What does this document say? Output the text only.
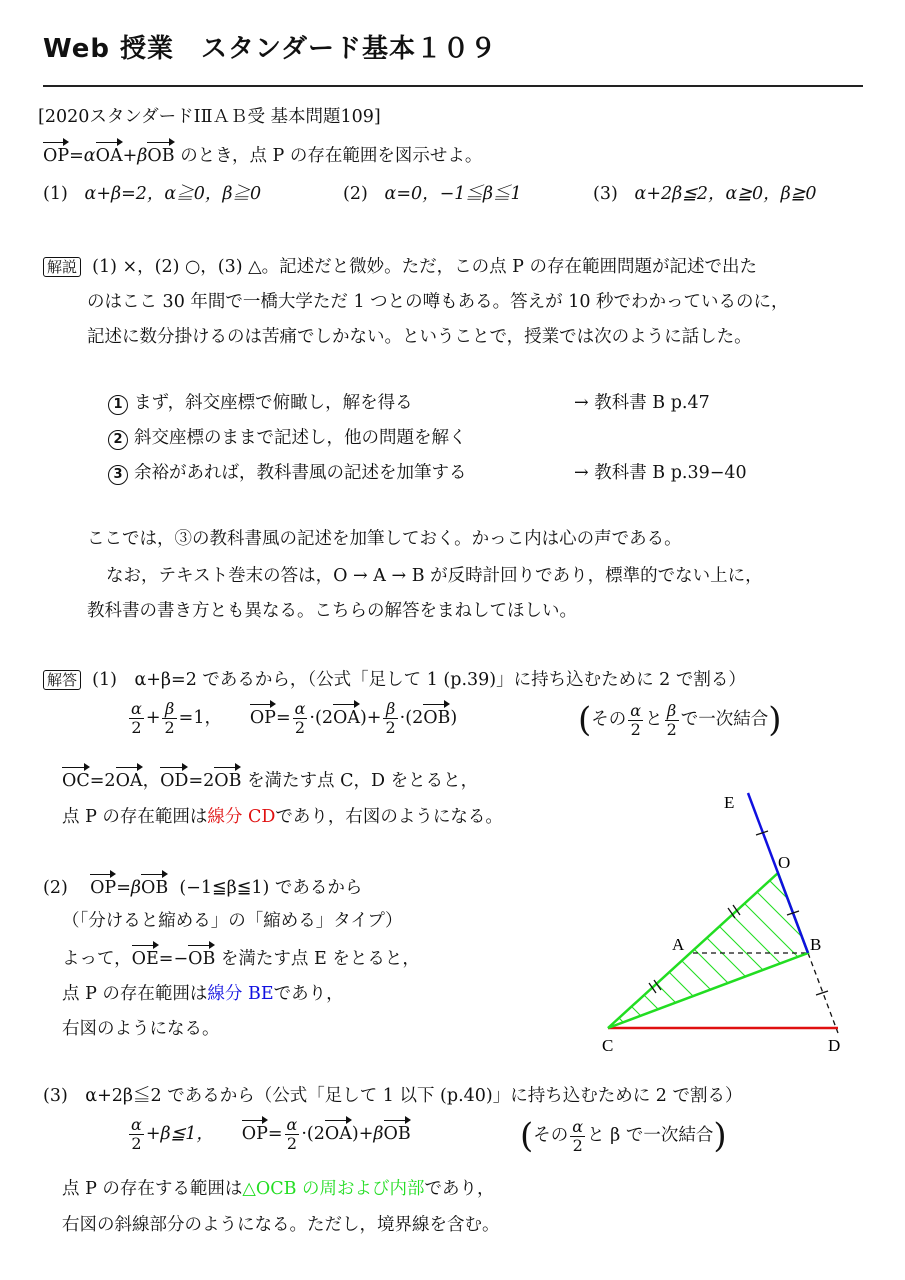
Web 授業　スタンダード基本１０９
[2020スタンダードⅠⅡＡＢ受 基本問題109]
OP=αOA+βOB のとき，点 P の存在範囲を図示せよ。
(1) α+β=2，α≧0，β≧0	(2) α=0，−1≦β≦1	(3) α+2β≦2，α≧0，β≧0
解説 (1) ×，(2) ○，(3) △。記述だと微妙。ただ，この点 P の存在範囲問題が記述で出た
のはここ 30 年間で一橋大学ただ 1 つとの噂もある。答えが 10 秒でわかっているのに，
記述に数分掛けるのは苦痛でしかない。ということで，授業では次のように話した。
1 まず，斜交座標で俯瞰し，解を得る	→ 教科書 B p.47
2 斜交座標のままで記述し，他の問題を解く
3 余裕があれば，教科書風の記述を加筆する	→ 教科書 B p.39−40
ここでは，③の教科書風の記述を加筆しておく。かっこ内は心の声である。
なお，テキスト巻末の答は，O → A → B が反時計回りであり，標準的でない上に，
教科書の書き方とも異なる。こちらの解答をまねしてほしい。
解答 (1)　α+β=2 であるから，（公式「足して 1 (p.39)」に持ち込むために 2 で割る）
$\frac{\alpha}{2} + \frac{\beta}{2} =1$， $OP= \frac{\alpha}{2} \cdot(2OA)+ \frac{\beta}{2} \cdot(2OB)$	(その $\frac{\alpha}{2}$ と $\frac{\beta}{2}$ で一次結合)
OC=2OA，OD=2OB を満たす点 C，D をとると，
点 P の存在範囲は線分 CDであり，右図のようになる。
(2) OP=βOB (−1≦β≦1) であるから
（「分けると縮める」の「縮める」タイプ）
よって，OE=−OB を満たす点 E をとると，
点 P の存在範囲は線分 BEであり，
右図のようになる。
E
O
A	B
C	D
(3)　α+2β≦2 であるから（公式「足して 1 以下 (p.40)」に持ち込むために 2 で割る）
$\frac{\alpha}{2}$ +β≦1， $OP= \frac{\alpha}{2} \cdot(2OA)+\beta OB$	(その $\frac{\alpha}{2}$ と β で一次結合)
点 P の存在する範囲は△OCB の周および内部であり，
右図の斜線部分のようになる。ただし，境界線を含む。
